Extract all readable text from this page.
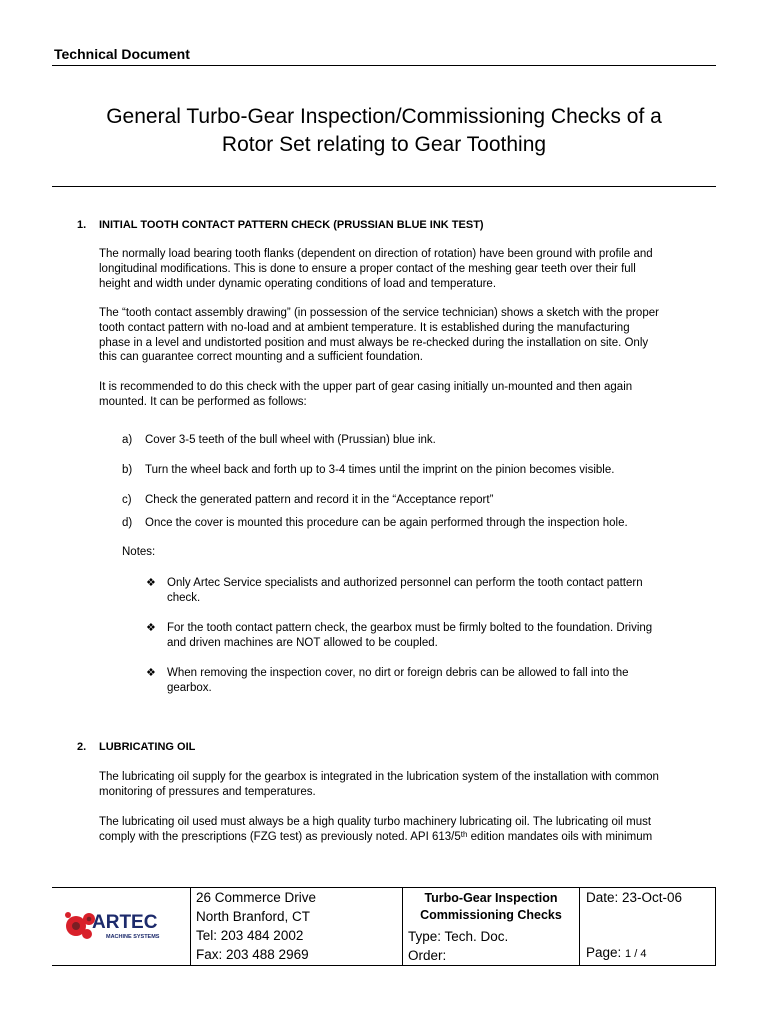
Technical Document
General Turbo-Gear Inspection/Commissioning Checks of a
Rotor Set relating to Gear Toothing
1. INITIAL TOOTH CONTACT PATTERN CHECK (PRUSSIAN BLUE INK TEST)
The normally load bearing tooth flanks (dependent on direction of rotation) have been ground with profile and
longitudinal modifications. This is done to ensure a proper contact of the meshing gear teeth over their full
height and width under dynamic operating conditions of load and temperature.
The “tooth contact assembly drawing” (in possession of the service technician) shows a sketch with the proper
tooth contact pattern with no-load and at ambient temperature. It is established during the manufacturing
phase in a level and undistorted position and must always be re-checked during the installation on site. Only
this can guarantee correct mounting and a sufficient foundation.
It is recommended to do this check with the upper part of gear casing initially un-mounted and then again
mounted. It can be performed as follows:
a) Cover 3-5 teeth of the bull wheel with (Prussian) blue ink.
b) Turn the wheel back and forth up to 3-4 times until the imprint on the pinion becomes visible.
c) Check the generated pattern and record it in the “Acceptance report”
d) Once the cover is mounted this procedure can be again performed through the inspection hole.
Notes:
❖ Only Artec Service specialists and authorized personnel can perform the tooth contact pattern
check.
❖ For the tooth contact pattern check, the gearbox must be firmly bolted to the foundation. Driving
and driven machines are NOT allowed to be coupled.
❖ When removing the inspection cover, no dirt or foreign debris can be allowed to fall into the
gearbox.
2. LUBRICATING OIL
The lubricating oil supply for the gearbox is integrated in the lubrication system of the installation with common
monitoring of pressures and temperatures.
The lubricating oil used must always be a high quality turbo machinery lubricating oil. The lubricating oil must
comply with the prescriptions (FZG test) as previously noted. API 613/5th edition mandates oils with minimum
ARTEC
MACHINE SYSTEMS

26 Commerce Drive
North Branford, CT
Tel: 203 484 2002
Fax: 203 488 2969

Turbo-Gear Inspection
Commissioning Checks
Type: Tech. Doc.
Order:

Date: 23-Oct-06
Page: 1 / 4
